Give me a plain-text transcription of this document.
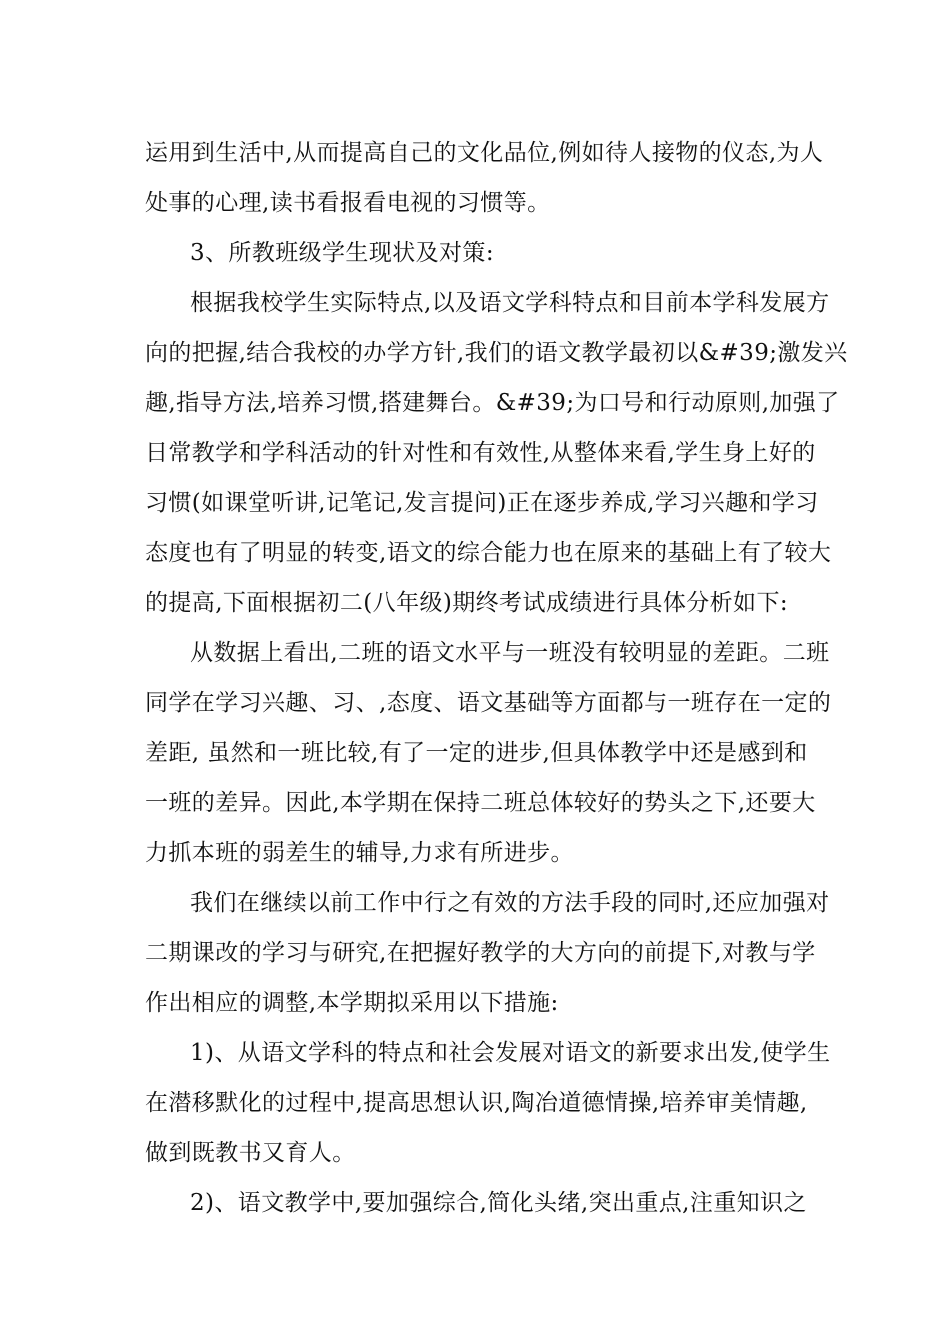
运用到生活中,从而提高自己的文化品位,例如待人接物的仪态,为人
处事的心理,读书看报看电视的习惯等。
3、所教班级学生现状及对策:
根据我校学生实际特点,以及语文学科特点和目前本学科发展方
向的把握,结合我校的办学方针,我们的语文教学最初以&#39;激发兴
趣,指导方法,培养习惯,搭建舞台。&#39;为口号和行动原则,加强了
日常教学和学科活动的针对性和有效性,从整体来看,学生身上好的
习惯(如课堂听讲,记笔记,发言提问)正在逐步养成,学习兴趣和学习
态度也有了明显的转变,语文的综合能力也在原来的基础上有了较大
的提高,下面根据初二(八年级)期终考试成绩进行具体分析如下:
从数据上看出,二班的语文水平与一班没有较明显的差距。二班
同学在学习兴趣、习、,态度、语文基础等方面都与一班存在一定的
差距, 虽然和一班比较,有了一定的进步,但具体教学中还是感到和
一班的差异。因此,本学期在保持二班总体较好的势头之下,还要大
力抓本班的弱差生的辅导,力求有所进步。
我们在继续以前工作中行之有效的方法手段的同时,还应加强对
二期课改的学习与研究,在把握好教学的大方向的前提下,对教与学
作出相应的调整,本学期拟采用以下措施:
1)、从语文学科的特点和社会发展对语文的新要求出发,使学生
在潜移默化的过程中,提高思想认识,陶冶道德情操,培养审美情趣,
做到既教书又育人。
2)、语文教学中,要加强综合,简化头绪,突出重点,注重知识之
